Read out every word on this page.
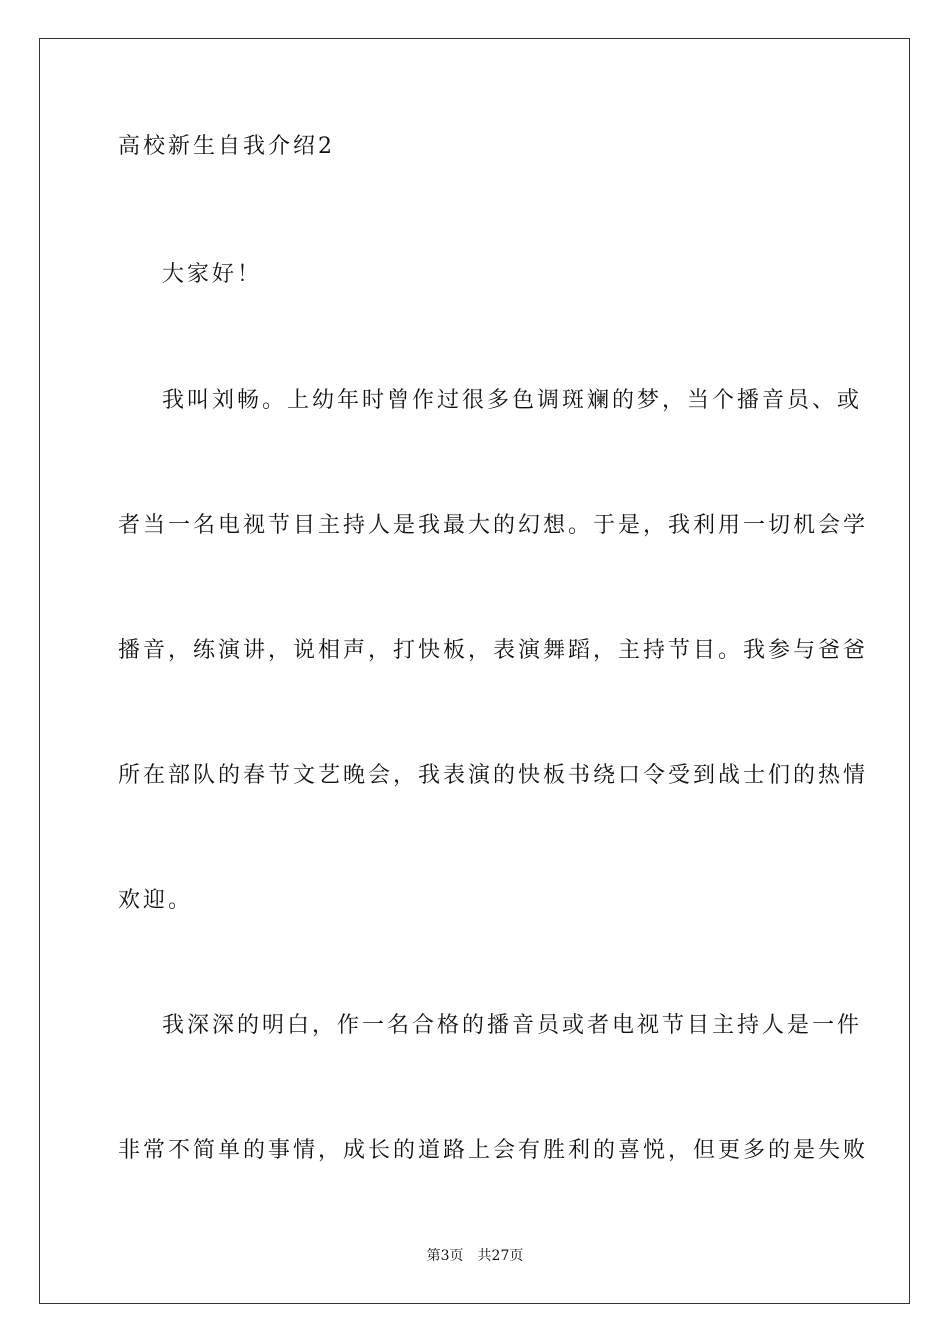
高校新生自我介绍2
大家好！
我叫刘畅。上幼年时曾作过很多色调斑斓的梦，当个播音员、或
者当一名电视节目主持人是我最大的幻想。于是，我利用一切机会学
播音，练演讲，说相声，打快板，表演舞蹈，主持节目。我参与爸爸
所在部队的春节文艺晚会，我表演的快板书绕口令受到战士们的热情
欢迎。
我深深的明白，作一名合格的播音员或者电视节目主持人是一件
非常不简单的事情，成长的道路上会有胜利的喜悦，但更多的是失败
第3页 共27页
